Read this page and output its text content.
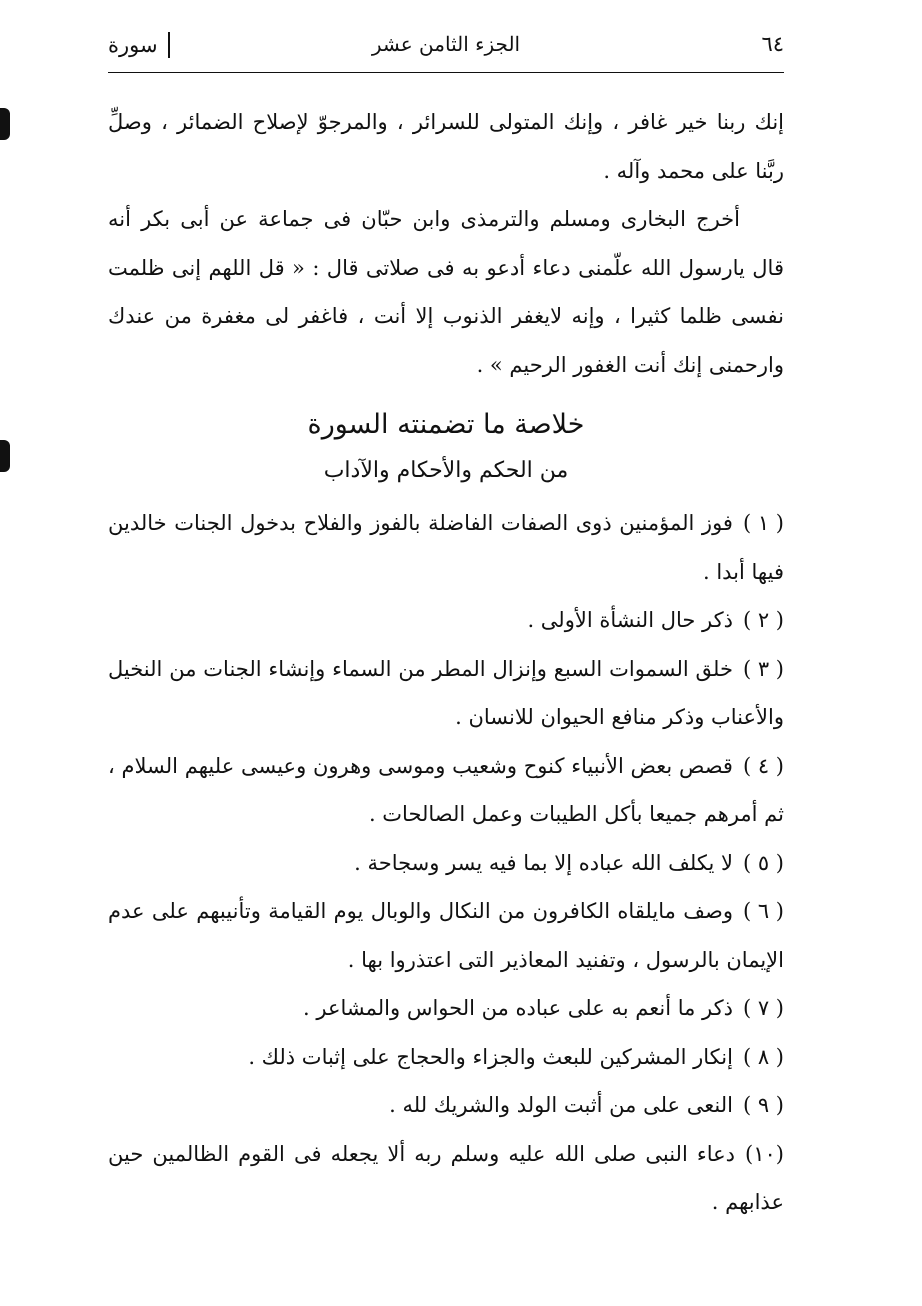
٦٤
الجزء الثامن عشر
سورة

إنك ربنا خير غافر ، وإنك المتولى للسرائر ، والمرجوّ لإصلاح الضمائر ، وصلِّ ربَّنا على محمد وآله .

أخرج البخارى ومسلم والترمذى وابن حبّان فى جماعة عن أبى بكر أنه قال يارسول الله علّمنى دعاء أدعو به فى صلاتى قال : « قل اللهم إنى ظلمت نفسى ظلما كثيرا ، وإنه لايغفر الذنوب إلا أنت ، فاغفر لى مغفرة من عندك وارحمنى إنك أنت الغفور الرحيم » .

خلاصة ما تضمنته السورة

من الحكم والأحكام والآداب

( ١ )فوز المؤمنين ذوى الصفات الفاضلة بالفوز والفلاح بدخول الجنات خالدين فيها أبدا .

( ٢ )ذكر حال النشأة الأولى .

( ٣ )خلق السموات السبع وإنزال المطر من السماء وإنشاء الجنات من النخيل والأعناب وذكر منافع الحيوان للانسان .

( ٤ )قصص بعض الأنبياء كنوح وشعيب وموسى وهرون وعيسى عليهم السلام ، ثم أمرهم جميعا بأكل الطيبات وعمل الصالحات .

( ٥ )لا يكلف الله عباده إلا بما فيه يسر وسجاحة .

( ٦ )وصف مايلقاه الكافرون من النكال والوبال يوم القيامة وتأنيبهم على عدم الإيمان بالرسول ، وتفنيد المعاذير التى اعتذروا بها .

( ٧ )ذكر ما أنعم به على عباده من الحواس والمشاعر .

( ٨ )إنكار المشركين للبعث والجزاء والحجاج على إثبات ذلك .

( ٩ )النعى على من أثبت الولد والشريك لله .

(١٠)دعاء النبى صلى الله عليه وسلم ربه ألا يجعله فى القوم الظالمين حين عذابهم .
